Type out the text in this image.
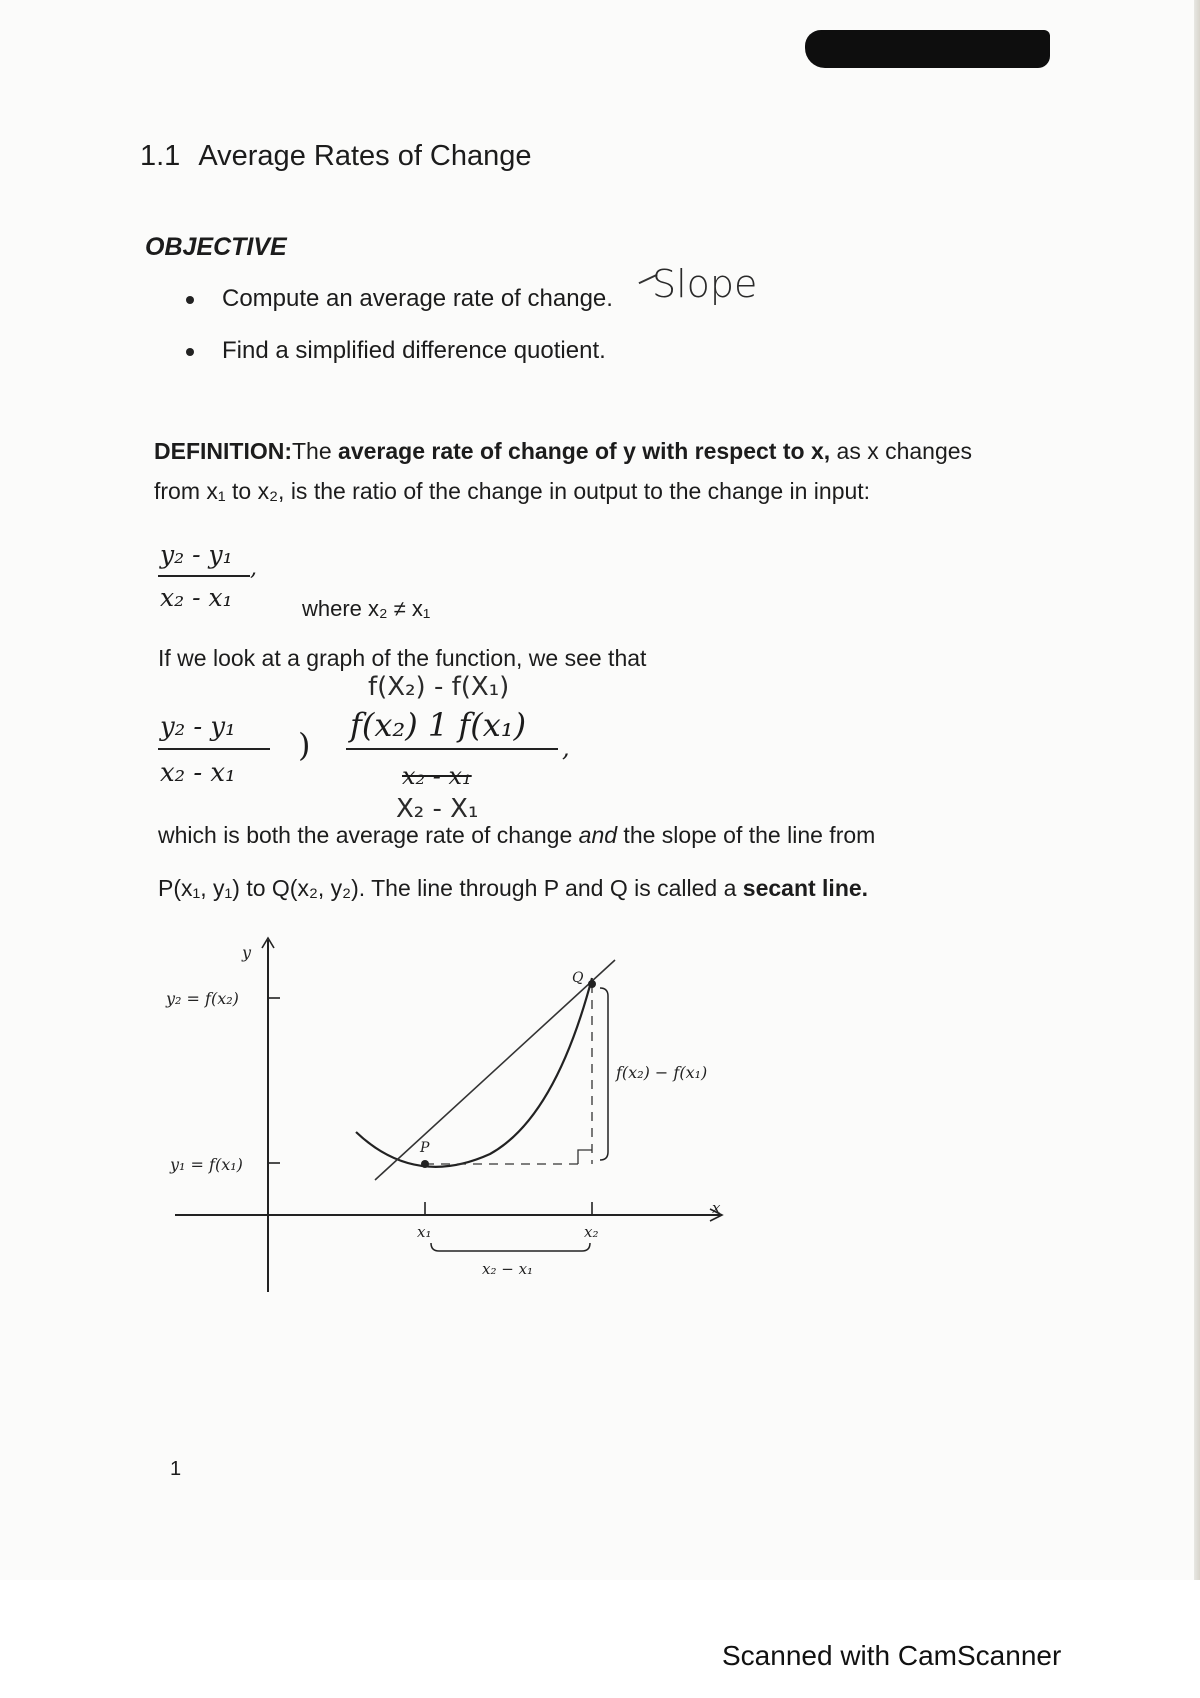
1.1 Average Rates of Change
OBJECTIVE
Compute an average rate of change.
Find a simplified difference quotient.
Slope
DEFINITION:The average rate of change of y with respect to x, as x changes
from x₁ to x₂, is the ratio of the change in output to the change in input:
y₂ - y₁ ,
x₂ - x₁	where x₂ ≠ x₁
If we look at a graph of the function, we see that
f(X₂) - f(X₁)
y₂ - y₁
x₂ - x₁
)
f(x₂) 1 f(x₁)
,
x₂ - x₁
X₂ - X₁
which is both the average rate of change and the slope of the line from
P(x₁, y₁) to Q(x₂, y₂). The line through P and Q is called a secant line.
y
x
y₂ = f(x₂)
y₁ = f(x₁)
P
Q
x₁	x₂
x₂ − x₁
f(x₂) − f(x₁)
1
Scanned with CamScanner
